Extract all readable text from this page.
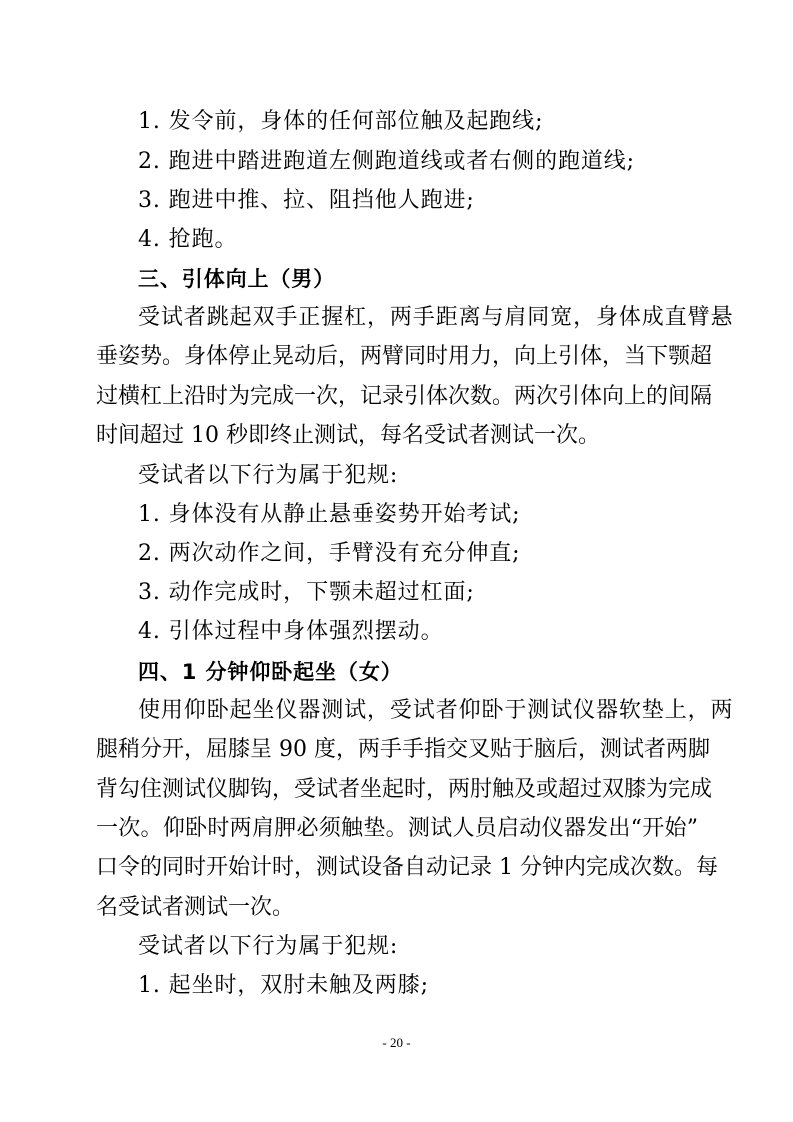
1. 发令前，身体的任何部位触及起跑线;
2. 跑进中踏进跑道左侧跑道线或者右侧的跑道线;
3. 跑进中推、拉、阻挡他人跑进;
4. 抢跑。
三、引体向上（男）
受试者跳起双手正握杠，两手距离与肩同宽，身体成直臂悬
垂姿势。身体停止晃动后，两臂同时用力，向上引体，当下颚超
过横杠上沿时为完成一次，记录引体次数。两次引体向上的间隔
时间超过 10 秒即终止测试，每名受试者测试一次。
受试者以下行为属于犯规:
1. 身体没有从静止悬垂姿势开始考试;
2. 两次动作之间，手臂没有充分伸直;
3. 动作完成时，下颚未超过杠面;
4. 引体过程中身体强烈摆动。
四、1 分钟仰卧起坐（女）
使用仰卧起坐仪器测试，受试者仰卧于测试仪器软垫上，两
腿稍分开，屈膝呈 90 度，两手手指交叉贴于脑后，测试者两脚
背勾住测试仪脚钩，受试者坐起时，两肘触及或超过双膝为完成
一次。仰卧时两肩胛必须触垫。测试人员启动仪器发出“开始”
口令的同时开始计时，测试设备自动记录 1 分钟内完成次数。每
名受试者测试一次。
受试者以下行为属于犯规:
1. 起坐时，双肘未触及两膝;
- 20 -
